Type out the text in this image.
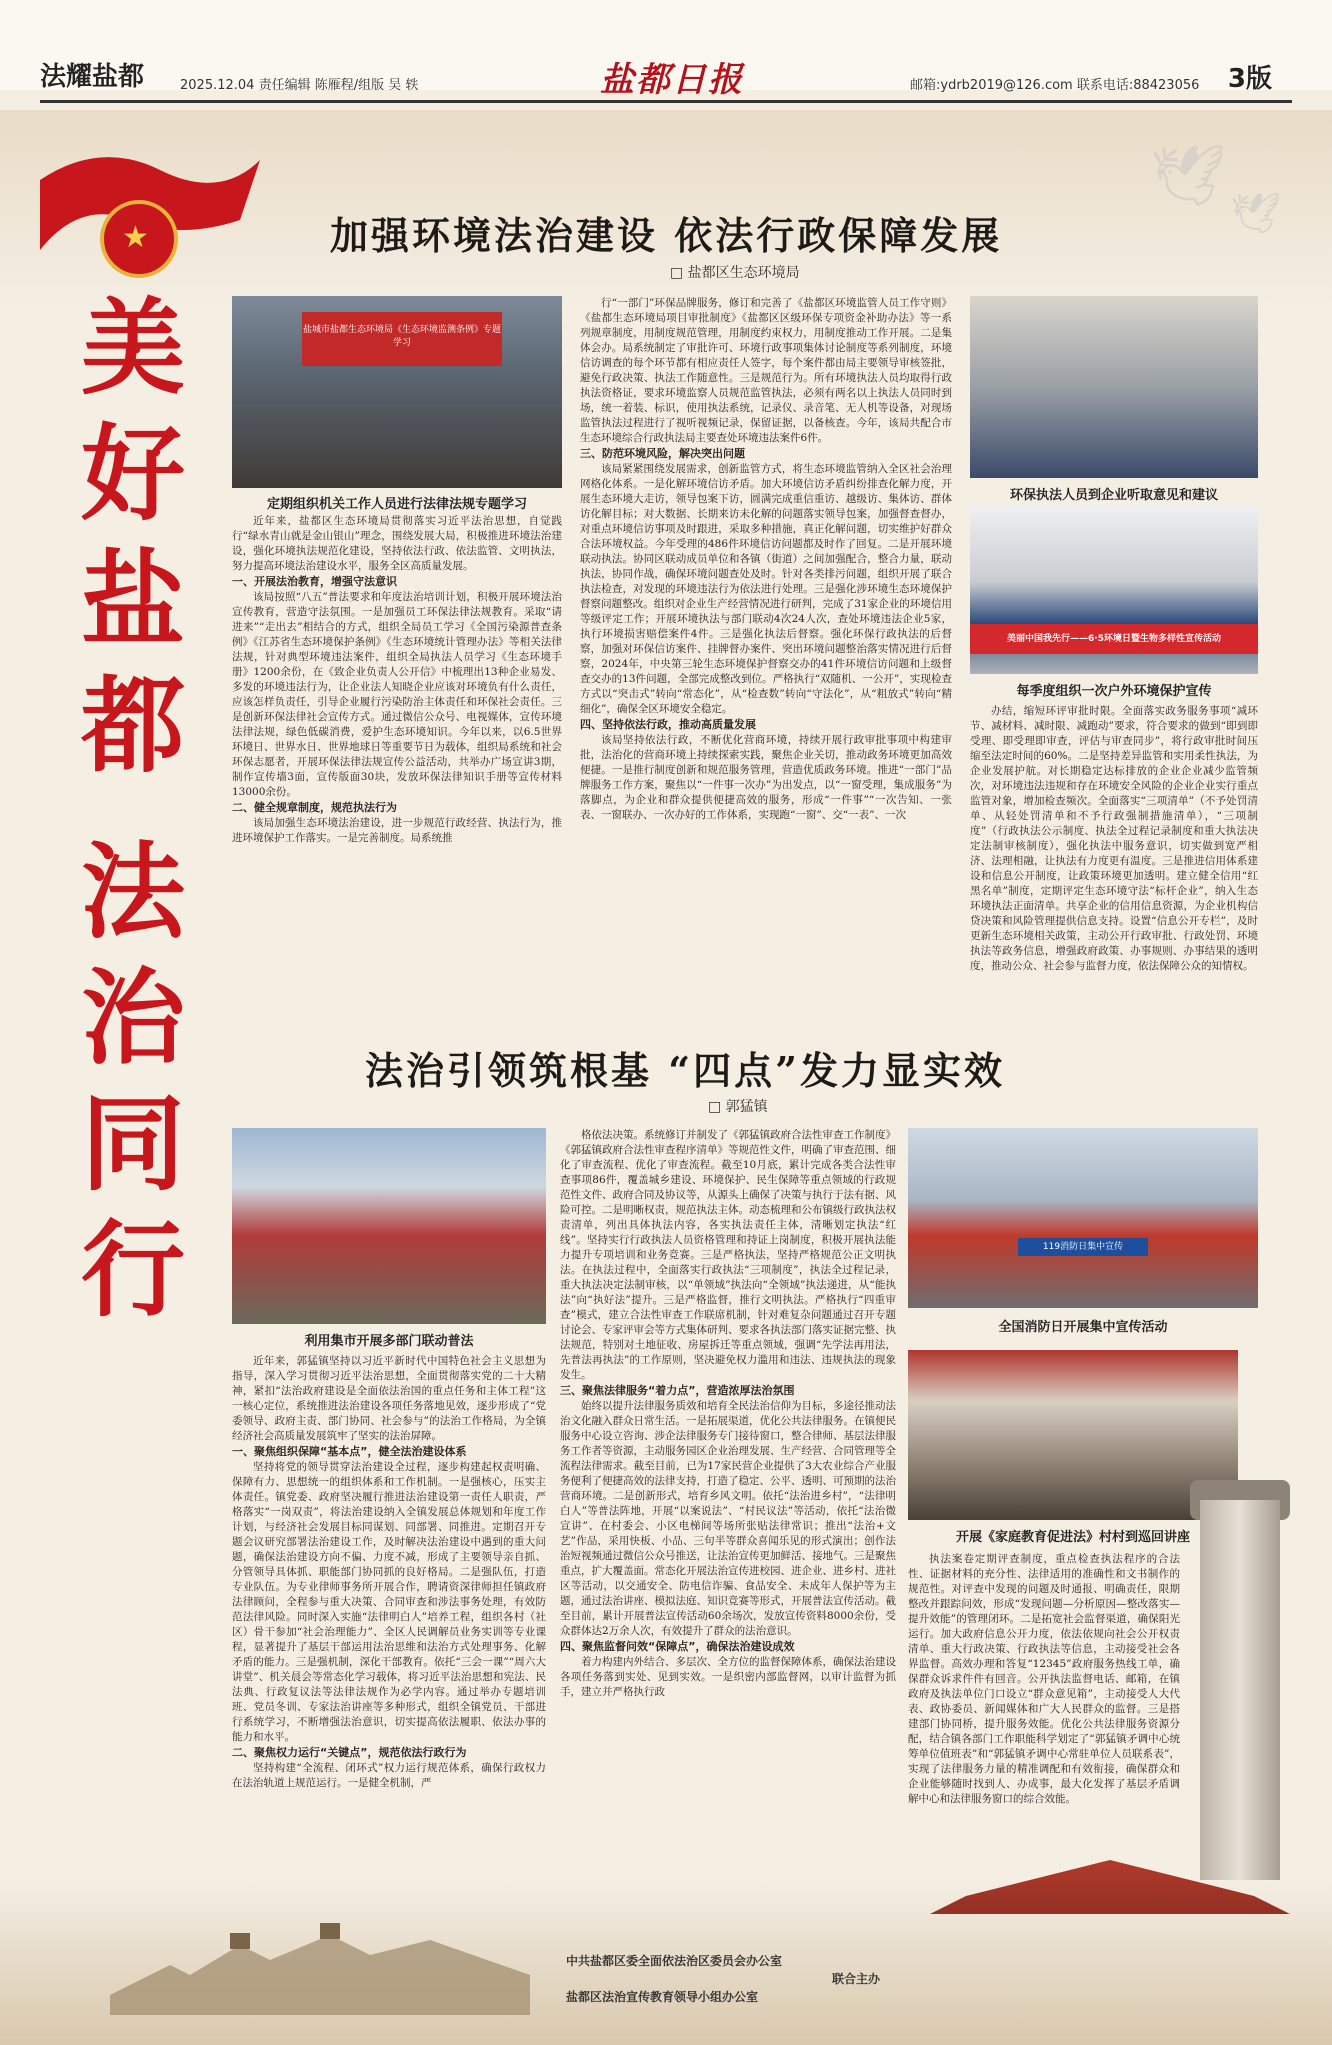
法耀盐都	2025.12.04 责任编辑 陈雁程/组版 吴 轶	盐都日报	邮箱:ydrb2019@126.com 联系电话:88423056 3版
🕊
🕊
★
美
好
盐
都
法
治
同
行
加强环境法治建设 依法行政保障发展
□ 盐都区生态环境局
盐城市盐都生态环境局《生态环境监测条例》专题学习
定期组织机关工作人员进行法律法规专题学习
环保执法人员到企业听取意见和建议
美丽中国我先行——6·5环境日暨生物多样性宣传活动
每季度组织一次户外环境保护宣传

近年来，盐都区生态环境局贯彻落实习近平法治思想，自觉践行“绿水青山就是金山银山”理念，围绕发展大局，积极推进环境法治建设，强化环境执法规范化建设，坚持依法行政、依法监管、文明执法，努力提高环境法治建设水平，服务全区高质量发展。

一、开展法治教育，增强守法意识

该局按照“八五”普法要求和年度法治培训计划，积极开展环境法治宣传教育，营造守法氛围。一是加强员工环保法律法规教育。采取“请进来”“走出去”相结合的方式，组织全局员工学习《全国污染源普查条例》《江苏省生态环境保护条例》《生态环境统计管理办法》等相关法律法规，针对典型环境违法案件，组织全局执法人员学习《生态环境手册》1200余份，在《致企业负责人公开信》中梳理出13种企业易发、多发的环境违法行为，让企业法人知晓企业应该对环境负有什么责任，应该怎样负责任，引导企业履行污染防治主体责任和环保社会责任。三是创新环保法律社会宣传方式。通过微信公众号、电视媒体，宣传环境法律法规，绿色低碳消费，爱护生态环境知识。今年以来，以6.5世界环境日、世界水日、世界地球日等重要节日为载体，组织局系统和社会环保志愿者，开展环保法律法规宣传公益活动，共举办广场宣讲3期，制作宣传墙3面，宣传版面30块，发放环保法律知识手册等宣传材料13000余份。

二、健全规章制度，规范执法行为

该局加强生态环境法治建设，进一步规范行政经营、执法行为，推进环境保护工作落实。一是完善制度。局系统推

行“一部门”环保品牌服务，修订和完善了《盐都区环境监管人员工作守则》《盐都生态环境局项目审批制度》《盐都区区级环保专项资金补助办法》等一系列规章制度，用制度规范管理，用制度约束权力，用制度推动工作开展。二是集体会办。局系统制定了审批许可、环境行政事项集体讨论制度等系列制度，环境信访调查的每个环节都有相应责任人签字，每个案件都由局主要领导审核签批，避免行政决策、执法工作随意性。三是规范行为。所有环境执法人员均取得行政执法资格证，要求环境监察人员规范监管执法，必须有两名以上执法人员同时到场，统一着装、标识，使用执法系统，记录仪、录音笔、无人机等设备，对现场监管执法过程进行了视听视频记录，保留证据，以备核查。今年，该局共配合市生态环境综合行政执法局主要查处环境违法案件6件。

三、防范环境风险，解决突出问题

该局紧紧围绕发展需求，创新监管方式，将生态环境监管纳入全区社会治理网格化体系。一是化解环境信访矛盾。加大环境信访矛盾纠纷排查化解力度，开展生态环境大走访，领导包案下访，圆满完成重信重访、越级访、集体访、群体访化解目标；对大数据、长期来访未化解的问题落实领导包案，加强督查督办，对重点环境信访事项及时跟进，采取多种措施，真正化解问题，切实维护好群众合法环境权益。今年受理的486件环境信访问题都及时作了回复。二是开展环境联动执法。协同区联动成员单位和各镇（街道）之间加强配合，整合力量，联动执法，协同作战，确保环境问题查处及时。针对各类排污问题，组织开展了联合执法检查，对发现的环境违法行为依法进行处理。三是强化涉环境生态环境保护督察问题整改。组织对企业生产经营情况进行研判，完成了31家企业的环境信用等级评定工作；开展环境执法与部门联动4次24人次，查处环境违法企业5家，执行环境损害赔偿案件4件。三是强化执法后督察。强化环保行政执法的后督察，加强对环保信访案件、挂牌督办案件、突出环境问题整治落实情况进行后督察，2024年，中央第三轮生态环境保护督察交办的41件环境信访问题和上级督查交办的13件问题，全部完成整改到位。严格执行“双随机、一公开”，实现检查方式以“突击式”转向“常态化”，从“检查数”转向“守法化”，从“粗放式”转向“精细化”，确保全区环境安全稳定。

四、坚持依法行政，推动高质量发展

该局坚持依法行政，不断优化营商环境，持续开展行政审批事项中构建审批，法治化的营商环境上持续探索实践，聚焦企业关切，推动政务环境更加高效便捷。一是推行制度创新和规范服务管理，营造优质政务环境。推进“一部门”品牌服务工作方案，聚焦以“一件事一次办”为出发点，以“一窗受理，集成服务”为落脚点，为企业和群众提供便捷高效的服务，形成“一件事”“一次告知、一张表、一窗联办、一次办好的工作体系，实现跑“一窗”、交“一表”、一次

办结，缩短环评审批时限。全面落实政务服务事项“减环节、减材料、减时限、减跑动”要求，符合要求的做到“即到即受理、即受理即审查，评估与审查同步”，将行政审批时间压缩至法定时间的60%。二是坚持差异监管和实用柔性执法，为企业发展护航。对长期稳定达标排放的企业企业减少监管频次，对环境违法违规和存在环境安全风险的企业企业实行重点监管对象，增加检查频次。全面落实“三项清单”（不予处罚清单、从轻处罚清单和不予行政强制措施清单），“三项制度”（行政执法公示制度、执法全过程记录制度和重大执法决定法制审核制度），强化执法中服务意识，切实做到宽严相济、法理相融，让执法有力度更有温度。三是推进信用体系建设和信息公开制度，让政策环境更加透明。建立健全信用“红黑名单”制度，定期评定生态环境守法“标杆企业”，纳入生态环境执法正面清单。共享企业的信用信息资源，为企业机构信贷决策和风险管理提供信息支持。设置“信息公开专栏”，及时更新生态环境相关政策，主动公开行政审批、行政处罚、环境执法等政务信息，增强政府政策、办事规则、办事结果的透明度，推动公众、社会参与监督力度，依法保障公众的知情权。

法治引领筑根基 “四点”发力显实效
□ 郭猛镇
利用集市开展多部门联动普法
119消防日集中宣传
全国消防日开展集中宣传活动
开展《家庭教育促进法》村村到巡回讲座

近年来，郭猛镇坚持以习近平新时代中国特色社会主义思想为指导，深入学习贯彻习近平法治思想，全面贯彻落实党的二十大精神，紧扣“法治政府建设是全面依法治国的重点任务和主体工程”这一核心定位，系统推进法治建设各项任务落地见效，逐步形成了“党委领导、政府主责、部门协同、社会参与”的法治工作格局，为全镇经济社会高质量发展筑牢了坚实的法治屏障。

一、聚焦组织保障“基本点”，健全法治建设体系

坚持将党的领导贯穿法治建设全过程，逐步构建起权责明确、保障有力、思想统一的组织体系和工作机制。一是强核心，压实主体责任。镇党委、政府坚决履行推进法治建设第一责任人职责，严格落实“一岗双责”，将法治建设纳入全镇发展总体规划和年度工作计划，与经济社会发展目标同谋划、同部署、同推进。定期召开专题会议研究部署法治建设工作，及时解决法治建设中遇到的重大问题，确保法治建设方向不偏、力度不减，形成了主要领导亲自抓、分管领导具体抓、职能部门协同抓的良好格局。二是强队伍，打造专业队伍。为专业律师事务所开展合作，聘请资深律师担任镇政府法律顾问，全程参与重大决策、合同审查和涉法事务处理，有效防范法律风险。同时深入实施“法律明白人”培养工程，组织各村（社区）骨干参加“社会治理能力”、全区人民调解员业务实训等专业课程，显著提升了基层干部运用法治思维和法治方式处理事务、化解矛盾的能力。三是强机制，深化干部教育。依托“三会一课”“周六大讲堂”、机关晨会等常态化学习载体，将习近平法治思想和宪法、民法典、行政复议法等法律法规作为必学内容。通过举办专题培训班、党员冬训、专家法治讲座等多种形式，组织全镇党员、干部进行系统学习，不断增强法治意识，切实提高依法履职、依法办事的能力和水平。

二、聚焦权力运行“关键点”，规范依法行政行为

坚持构建“全流程、闭环式”权力运行规范体系，确保行政权力在法治轨道上规范运行。一是健全机制，严

格依法决策。系统修订并制发了《郭猛镇政府合法性审查工作制度》《郭猛镇政府合法性审查程序清单》等规范性文件，明确了审查范围、细化了审查流程、优化了审查流程。截至10月底，累计完成各类合法性审查事项86件，覆盖城乡建设、环境保护、民生保障等重点领域的行政规范性文件、政府合同及协议等，从源头上确保了决策与执行于法有据、风险可控。二是明晰权责，规范执法主体。动态梳理和公布镇级行政执法权责清单，列出具体执法内容，各实执法责任主体，清晰划定执法“红线”。坚持实行行政执法人员资格管理和持证上岗制度，积极开展执法能力提升专项培训和业务竞赛。三是严格执法，坚持严格规范公正文明执法。在执法过程中，全面落实行政执法“三项制度”，执法全过程记录，重大执法决定法制审核，以“单领域”执法向“全领域”执法递进，从“能执法”向“执好法”提升。三是严格监督，推行文明执法。严格执行“四重审查”模式，建立合法性审查工作联席机制，针对难复杂问题通过召开专题讨论会、专家评审会等方式集体研判、要求各执法部门落实证据完整、执法规范，特别对土地征收、房屋拆迁等重点领域，强调“先学法再用法，先普法再执法”的工作原则，坚决避免权力滥用和违法、违规执法的现象发生。

三、聚焦法律服务“着力点”，营造浓厚法治氛围

始终以提升法律服务质效和培育全民法治信仰为目标，多途径推动法治文化融入群众日常生活。一是拓展渠道，优化公共法律服务。在镇便民服务中心设立咨询、涉企法律服务专门接待窗口，整合律师、基层法律服务工作者等资源，主动服务园区企业治理发展、生产经营、合同管理等全流程法律需求。截至目前，已为17家民营企业提供了3大农业综合产业服务便利了便捷高效的法律支持，打造了稳定、公平、透明、可预期的法治营商环境。二是创新形式，培育乡风文明。依托“法治进乡村”，“法律明白人”等普法阵地，开展“以案说法”、“村民议法”等活动，依托“法治微宣讲”、在村委会、小区电梯间等场所张贴法律常识；推出“法治+文艺”作品，采用快板、小品、三句半等群众喜闻乐见的形式演出；创作法治短视频通过微信公众号推送，让法治宣传更加鲜活、接地气。三是聚焦重点，扩大覆盖面。常态化开展法治宣传进校园、进企业、进乡村、进社区等活动，以交通安全、防电信诈骗、食品安全、未成年人保护等为主题，通过法治讲座、模拟法庭、知识竞赛等形式，开展普法宣传活动。截至目前，累计开展普法宣传活动60余场次，发放宣传资料8000余份，受众群体达2万余人次，有效提升了群众的法治意识。

四、聚焦监督问效“保障点”，确保法治建设成效

着力构建内外结合、多层次、全方位的监督保障体系，确保法治建设各项任务落到实处、见到实效。一是织密内部监督网，以审计监督为抓手，建立并严格执行政

执法案卷定期评查制度，重点检查执法程序的合法性、证据材料的充分性、法律适用的准确性和文书制作的规范性。对评查中发现的问题及时通报、明确责任，限期整改并跟踪问效，形成“发现问题—分析原因—整改落实—提升效能”的管理闭环。二是拓宽社会监督渠道，确保阳光运行。加大政府信息公开力度，依法依规向社会公开权责清单、重大行政决策、行政执法等信息，主动接受社会各界监督。高效办理和答复“12345”政府服务热线工单，确保群众诉求件件有回音。公开执法监督电话、邮箱，在镇政府及执法单位门口设立“群众意见箱”，主动接受人大代表、政协委员、新闻媒体和广大人民群众的监督。三是搭建部门协同桥，提升服务效能。优化公共法律服务资源分配，结合镇各部门工作职能科学划定了“郭猛镇矛调中心统筹单位值班表”和“郭猛镇矛调中心常驻单位人员联系表”，实现了法律服务力量的精准调配和有效衔接，确保群众和企业能够随时找到人、办成事，最大化发挥了基层矛盾调解中心和法律服务窗口的综合效能。

中共盐都区委全面依法治区委员会办公室
盐都区法治宣传教育领导小组办公室
联合主办
